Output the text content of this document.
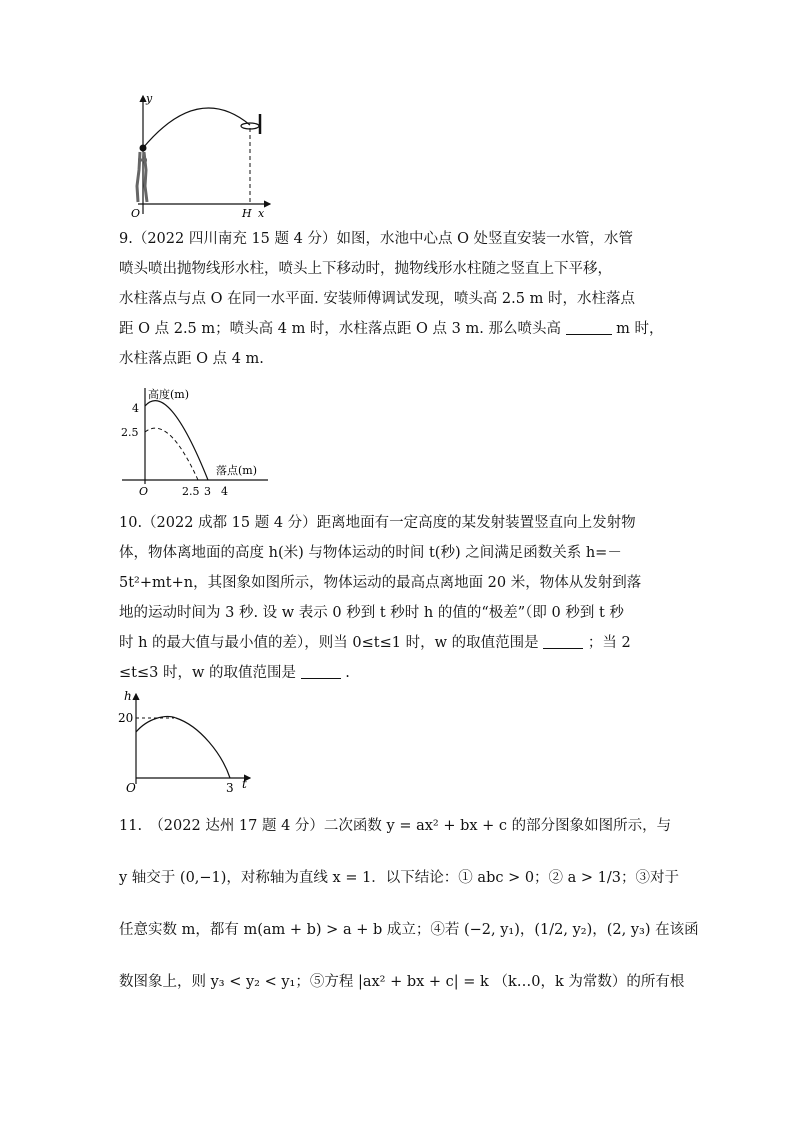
y
x
O	H
9.（2022 四川南充 15 题 4 分）如图，水池中心点 O 处竖直安装一水管，水管
喷头喷出抛物线形水柱，喷头上下移动时，抛物线形水柱随之竖直上下平移，
水柱落点与点 O 在同一水平面. 安装师傅调试发现，喷头高 2.5 m 时，水柱落点
距 O 点 2.5 m；喷头高 4 m 时，水柱落点距 O 点 3 m. 那么喷头高	m 时，
水柱落点距 O 点 4 m.
高度(m)
落点(m)
4
2.5
O	2.5 3 4
10.（2022 成都 15 题 4 分）距离地面有一定高度的某发射装置竖直向上发射物
体，物体离地面的高度 h(米) 与物体运动的时间 t(秒) 之间满足函数关系 h=－
5t²+mt+n，其图象如图所示，物体运动的最高点离地面 20 米，物体从发射到落
地的运动时间为 3 秒. 设 w 表示 0 秒到 t 秒时 h 的值的“极差”（即 0 秒到 t 秒
时 h 的最大值与最小值的差），则当 0≤t≤1 时，w 的取值范围是	；当 2
≤t≤3 时，w 的取值范围是	.
h
20
O	3 t
11.　（2022 达州 17 题 4 分）二次函数 y = ax² + bx + c 的部分图象如图所示，与
y 轴交于 (0,−1)，对称轴为直线 x = 1．以下结论：① abc > 0；② a > 1/3；③对于
任意实数 m，都有 m(am + b) > a + b 成立；④若 (−2, y₁)，(1/2, y₂)，(2, y₃) 在该函
数图象上，则 y₃ < y₂ < y₁；⑤方程 |ax² + bx + c| = k （k…0，k 为常数）的所有根
